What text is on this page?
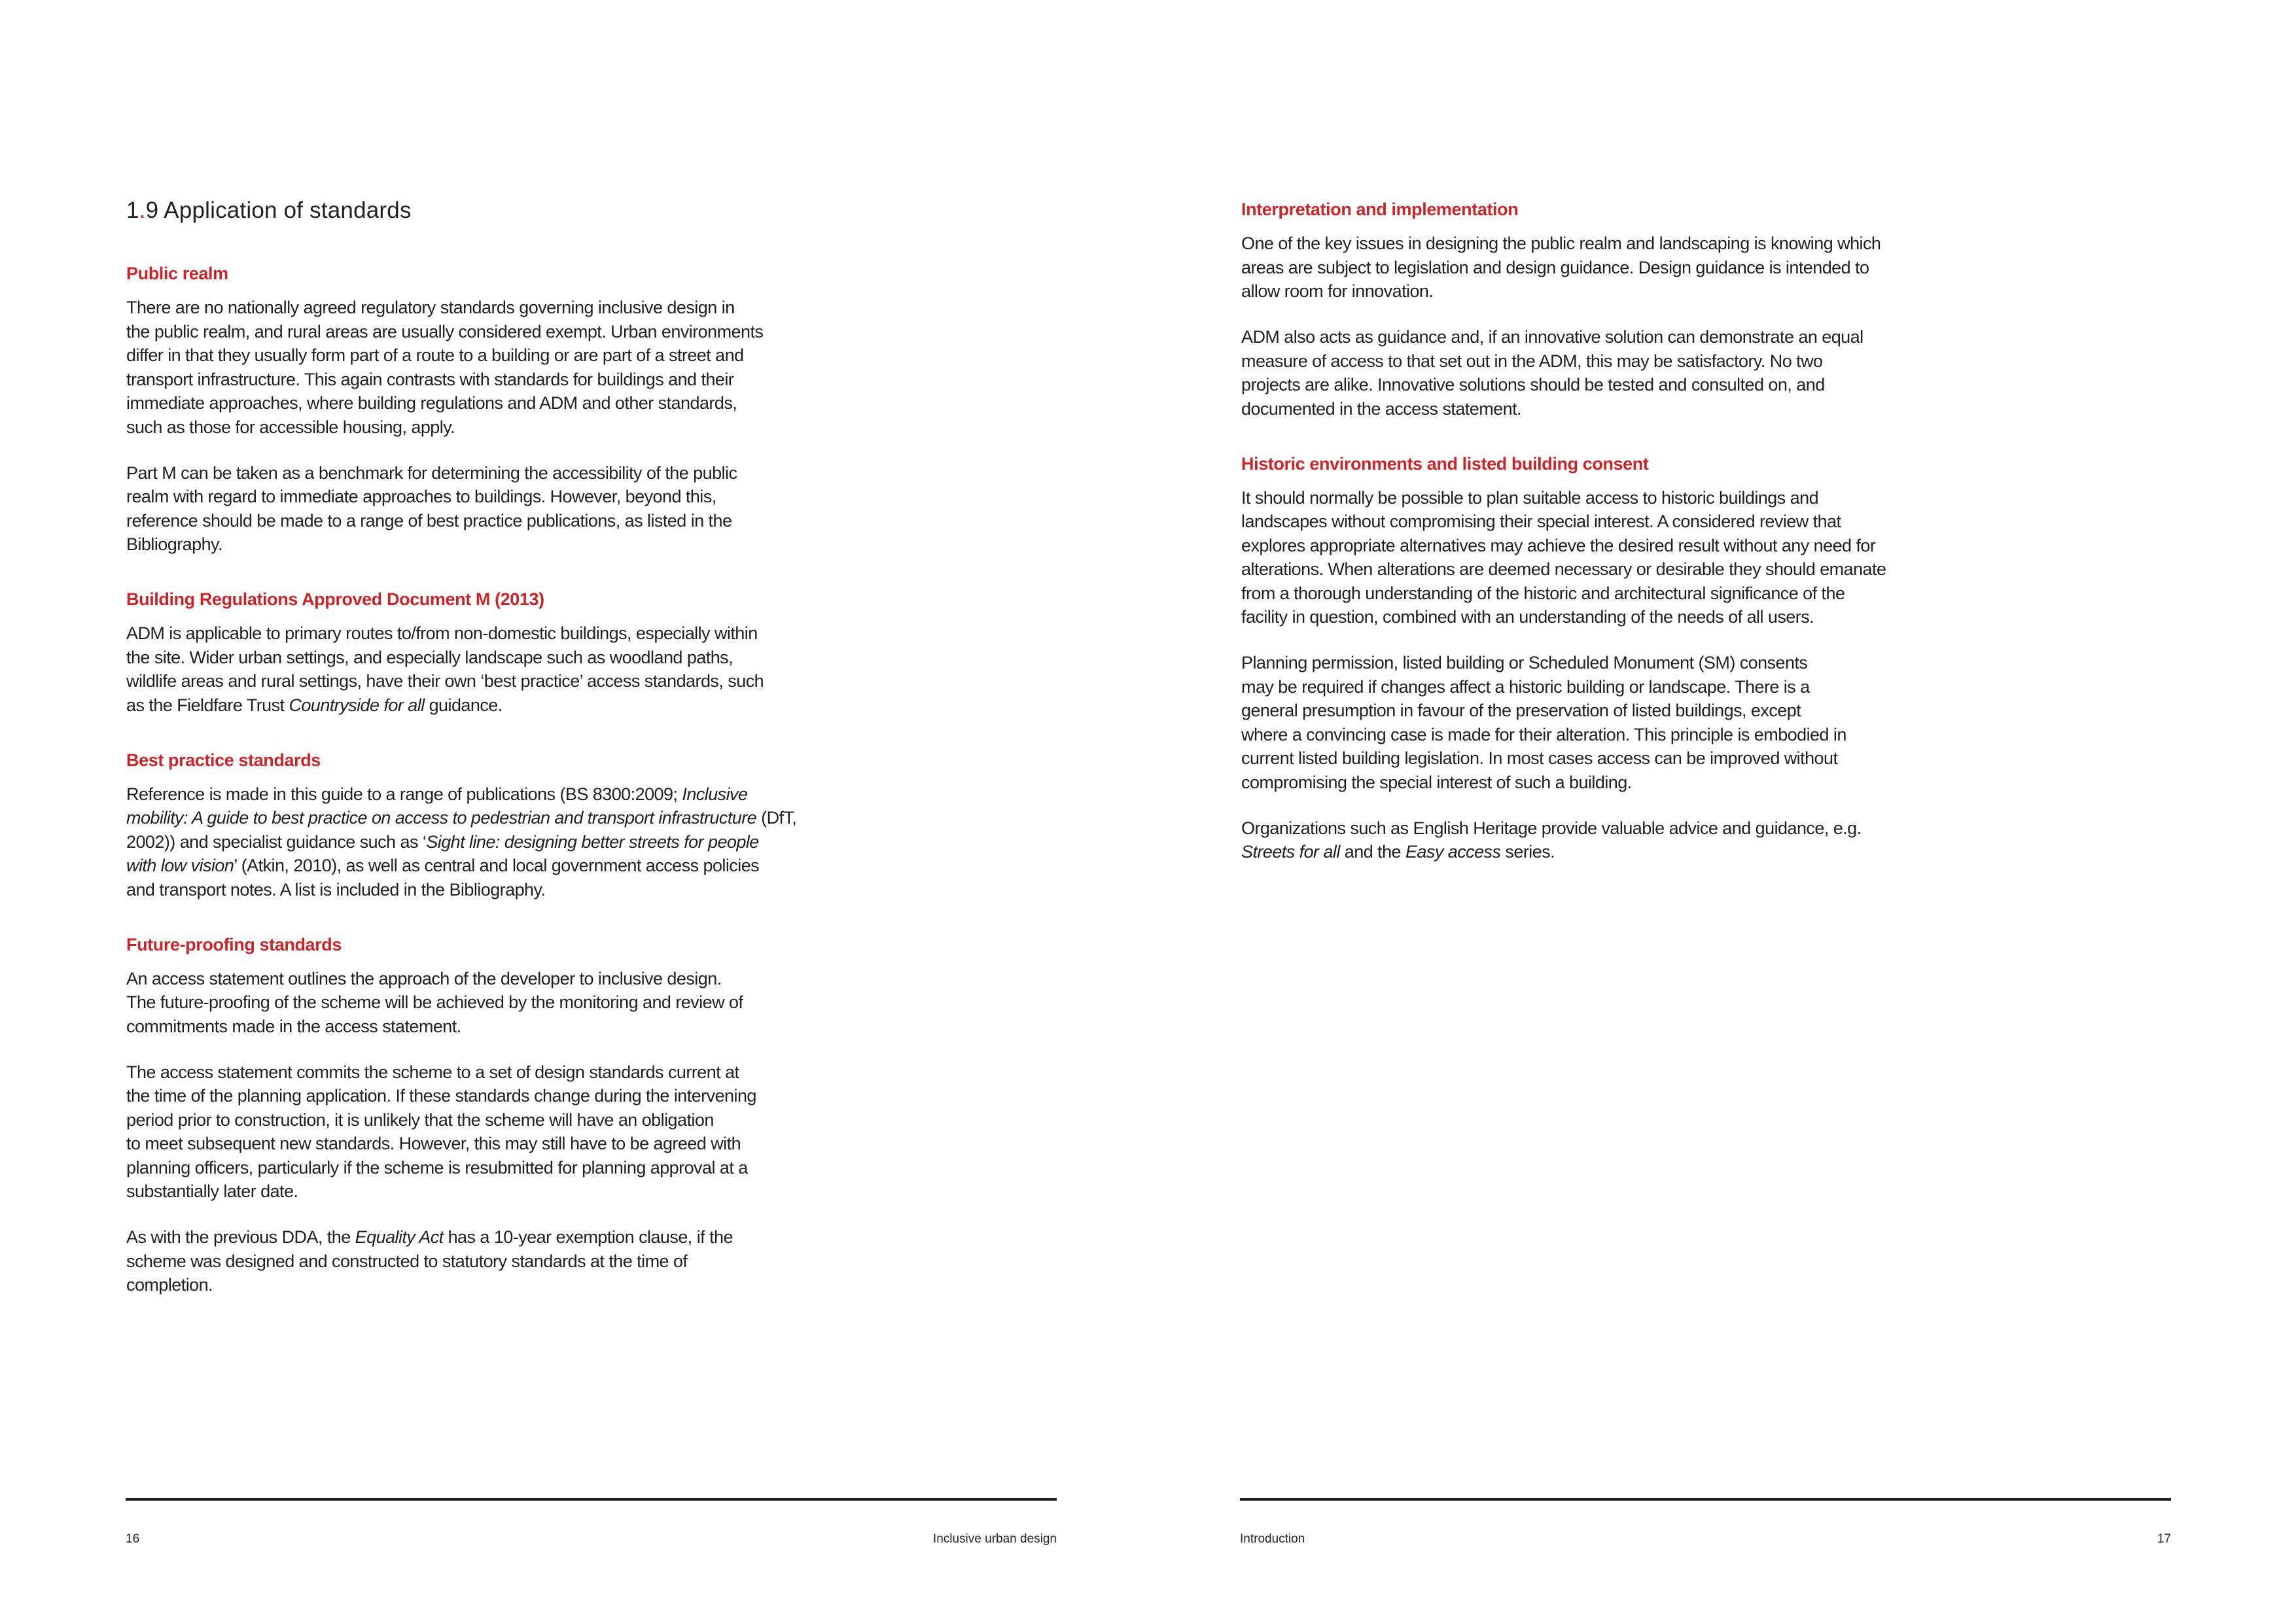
1.9 Application of standards
Public realm

There are no nationally agreed regulatory standards governing inclusive design in
the public realm, and rural areas are usually considered exempt. Urban environments
differ in that they usually form part of a route to a building or are part of a street and
transport infrastructure. This again contrasts with standards for buildings and their
immediate approaches, where building regulations and ADM and other standards,
such as those for accessible housing, apply.

Part M can be taken as a benchmark for determining the accessibility of the public
realm with regard to immediate approaches to buildings. However, beyond this,
reference should be made to a range of best practice publications, as listed in the
Bibliography.

Building Regulations Approved Document M (2013)

ADM is applicable to primary routes to/from non-domestic buildings, especially within
the site. Wider urban settings, and especially landscape such as woodland paths,
wildlife areas and rural settings, have their own ‘best practice’ access standards, such
as the Fieldfare Trust Countryside for all guidance.

Best practice standards

Reference is made in this guide to a range of publications (BS 8300:2009; Inclusive
mobility: A guide to best practice on access to pedestrian and transport infrastructure (DfT,
2002)) and specialist guidance such as ‘Sight line: designing better streets for people
with low vision’ (Atkin, 2010), as well as central and local government access policies
and transport notes. A list is included in the Bibliography.

Future-proofing standards

An access statement outlines the approach of the developer to inclusive design.
The future-proofing of the scheme will be achieved by the monitoring and review of
commitments made in the access statement.

The access statement commits the scheme to a set of design standards current at
the time of the planning application. If these standards change during the intervening
period prior to construction, it is unlikely that the scheme will have an obligation
to meet subsequent new standards. However, this may still have to be agreed with
planning officers, particularly if the scheme is resubmitted for planning approval at a
substantially later date.

As with the previous DDA, the Equality Act has a 10-year exemption clause, if the
scheme was designed and constructed to statutory standards at the time of
completion.

16	Inclusive urban design
Interpretation and implementation

One of the key issues in designing the public realm and landscaping is knowing which
areas are subject to legislation and design guidance. Design guidance is intended to
allow room for innovation.

ADM also acts as guidance and, if an innovative solution can demonstrate an equal
measure of access to that set out in the ADM, this may be satisfactory. No two
projects are alike. Innovative solutions should be tested and consulted on, and
documented in the access statement.

Historic environments and listed building consent

It should normally be possible to plan suitable access to historic buildings and
landscapes without compromising their special interest. A considered review that
explores appropriate alternatives may achieve the desired result without any need for
alterations. When alterations are deemed necessary or desirable they should emanate
from a thorough understanding of the historic and architectural significance of the
facility in question, combined with an understanding of the needs of all users.

Planning permission, listed building or Scheduled Monument (SM) consents
may be required if changes affect a historic building or landscape. There is a
general presumption in favour of the preservation of listed buildings, except
where a convincing case is made for their alteration. This principle is embodied in
current listed building legislation. In most cases access can be improved without
compromising the special interest of such a building.

Organizations such as English Heritage provide valuable advice and guidance, e.g.
Streets for all and the Easy access series.

Introduction	17
